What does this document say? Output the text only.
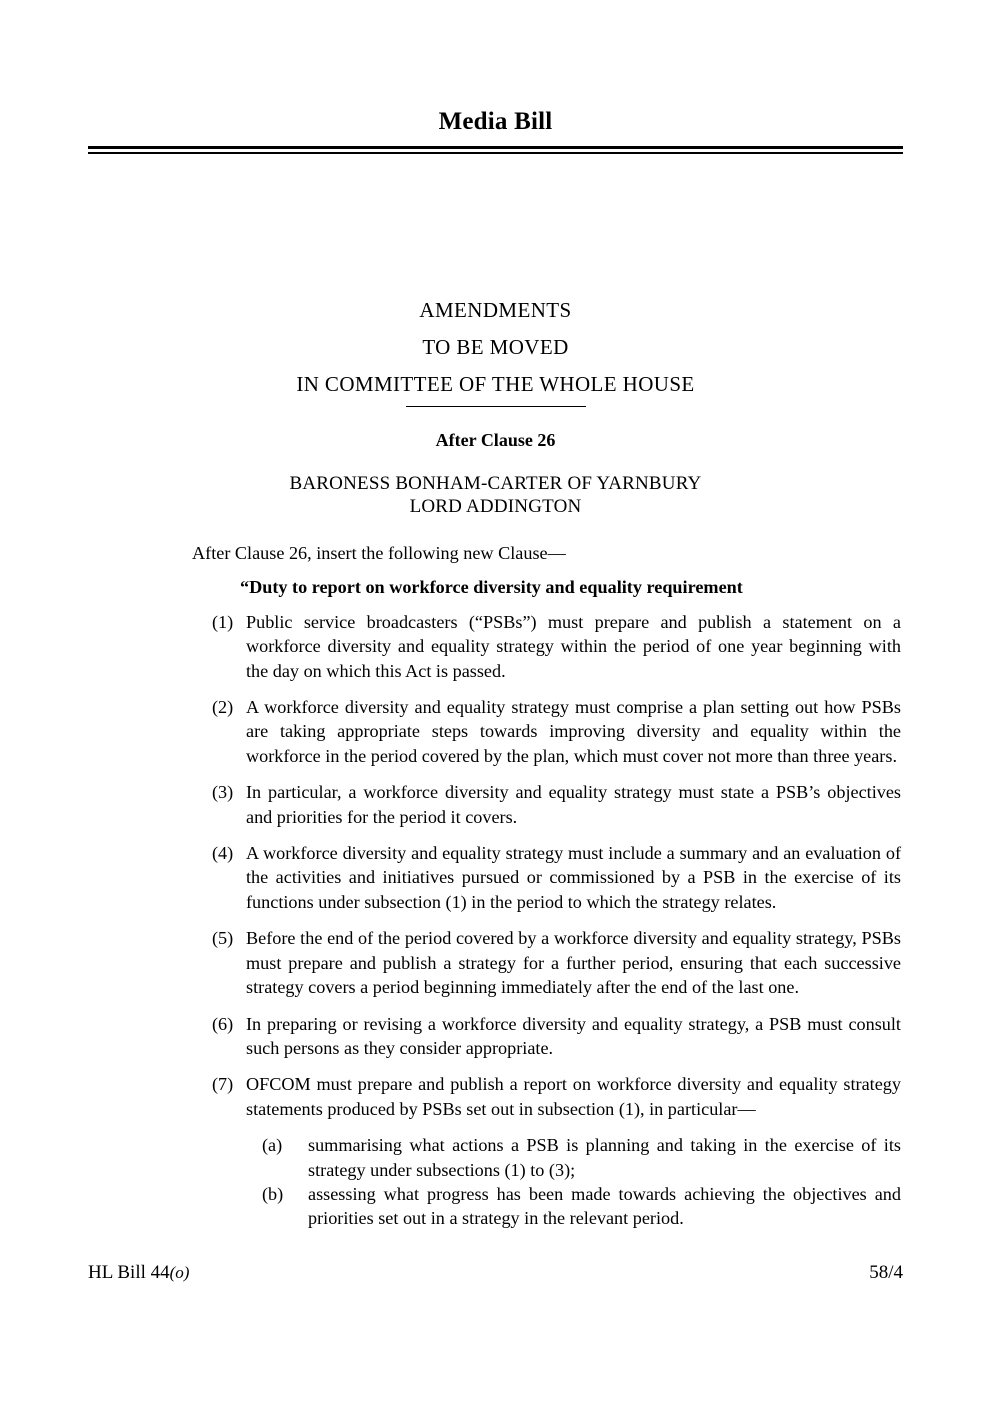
Media Bill
AMENDMENTS
TO BE MOVED
IN COMMITTEE OF THE WHOLE HOUSE
After Clause 26
BARONESS BONHAM-CARTER OF YARNBURY
LORD ADDINGTON

After Clause 26, insert the following new Clause—

“Duty to report on workforce diversity and equality requirement

(1) Public service broadcasters (“PSBs”) must prepare and publish a statement on a workforce diversity and equality strategy within the period of one year beginning with the day on which this Act is passed.
(2) A workforce diversity and equality strategy must comprise a plan setting out how PSBs are taking appropriate steps towards improving diversity and equality within the workforce in the period covered by the plan, which must cover not more than three years.
(3) In particular, a workforce diversity and equality strategy must state a PSB’s objectives and priorities for the period it covers.
(4) A workforce diversity and equality strategy must include a summary and an evaluation of the activities and initiatives pursued or commissioned by a PSB in the exercise of its functions under subsection (1) in the period to which the strategy relates.
(5) Before the end of the period covered by a workforce diversity and equality strategy, PSBs must prepare and publish a strategy for a further period, ensuring that each successive strategy covers a period beginning immediately after the end of the last one.
(6) In preparing or revising a workforce diversity and equality strategy, a PSB must consult such persons as they consider appropriate.
(7) OFCOM must prepare and publish a report on workforce diversity and equality strategy statements produced by PSBs set out in subsection (1), in particular—
(a)	summarising what actions a PSB is planning and taking in the exercise of its strategy under subsections (1) to (3);
(b)	assessing what progress has been made towards achieving the objectives and priorities set out in a strategy in the relevant period.
HL Bill 44(o)	58/4
